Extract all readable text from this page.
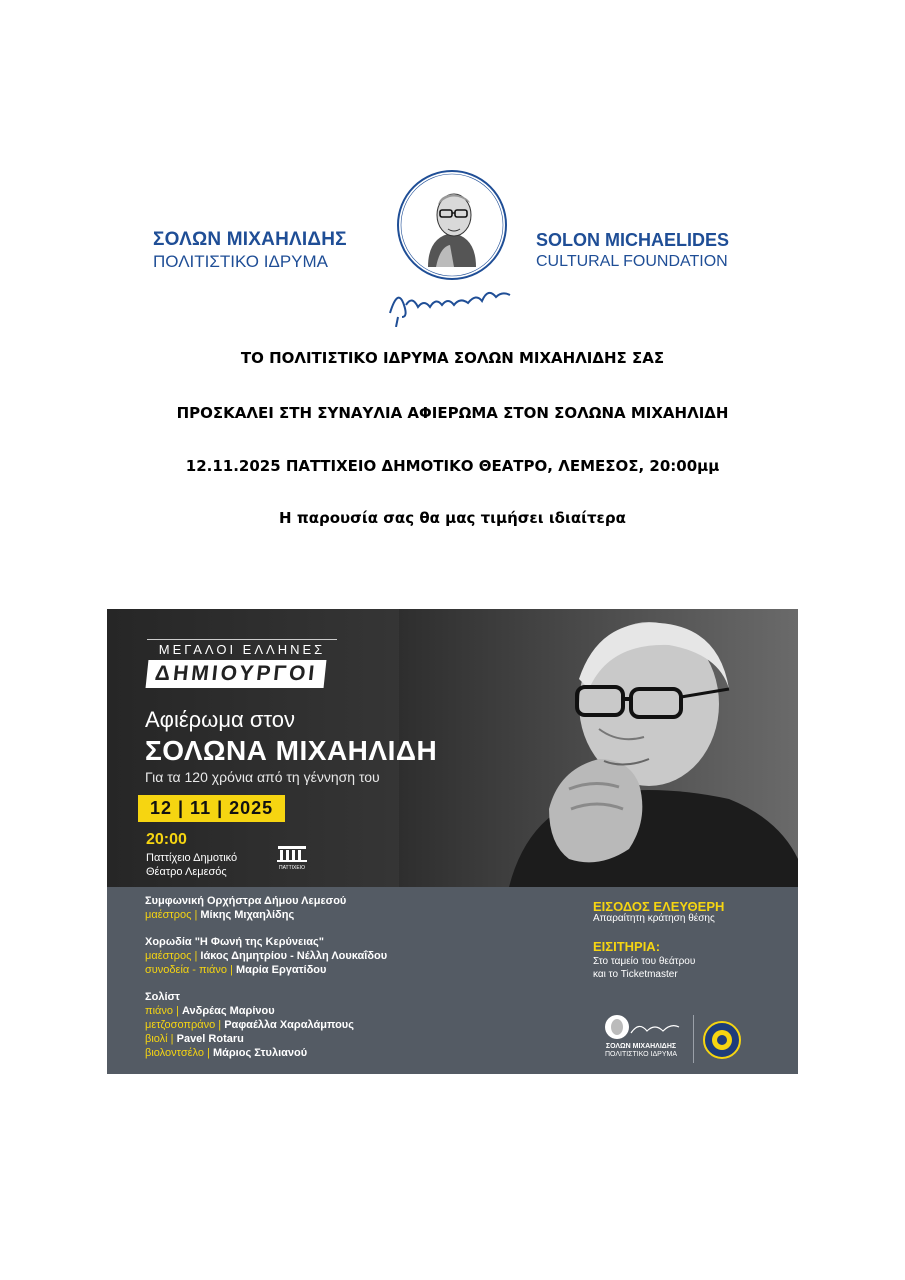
ΣΟΛΩΝ ΜΙΧΑΗΛΙΔΗΣ
ΠΟΛΙΤΙΣΤΙΚΟ ΙΔΡΥΜΑ
SOLON MICHAELIDES
CULTURAL FOUNDATION
ΤΟ ΠΟΛΙΤΙΣΤΙΚΟ ΙΔΡΥΜΑ ΣΟΛΩΝ ΜΙΧΑΗΛΙΔΗΣ ΣΑΣ
ΠΡΟΣΚΑΛΕΙ ΣΤΗ ΣΥΝΑΥΛΙΑ ΑΦΙΕΡΩΜΑ ΣΤΟΝ ΣΟΛΩΝΑ ΜΙΧΑΗΛΙΔΗ
12.11.2025 ΠΑΤΤΙΧΕΙΟ ΔΗΜΟΤΙΚΟ ΘΕΑΤΡΟ, ΛΕΜΕΣΟΣ, 20:00μμ
Η παρουσία σας θα μας τιμήσει ιδιαίτερα
ΜΕΓΑΛΟΙ ΕΛΛΗΝΕΣ
ΔΗΜΙΟΥΡΓΟΙ
Αφιέρωμα στον
ΣΟΛΩΝΑ ΜΙΧΑΗΛΙΔΗ
Για τα 120 χρόνια από τη γέννηση του
12 | 11 | 2025
20:00
Παττίχειο Δημοτικό
Θέατρο Λεμεσός	ΠΑΤΤΙΧΕΙΟ
Συμφωνική Ορχήστρα Δήμου Λεμεσού
μαέστρος | Μίκης Μιχαηλίδης
Χορωδία "Η Φωνή της Κερύνειας"
μαέστρος | Ιάκος Δημητρίου - Νέλλη Λουκαΐδου
συνοδεία - πιάνο | Μαρία Εργατίδου
Σολίστ
πιάνο | Ανδρέας Μαρίνου
μετζοσοπράνο | Ραφαέλλα Χαραλάμπους
βιολί | Pavel Rotaru
βιολοντσέλο | Μάριος Στυλιανού
ΕΙΣΟΔΟΣ ΕΛΕΥΘΕΡΗ
Απαραίτητη κράτηση θέσης
ΕΙΣΙΤΗΡΙΑ:
Στο ταμείο του θεάτρου
και το Ticketmaster
ΣΟΛΩΝ ΜΙΧΑΗΛΙΔΗΣ
ΠΟΛΙΤΙΣΤΙΚΟ ΙΔΡΥΜΑ
